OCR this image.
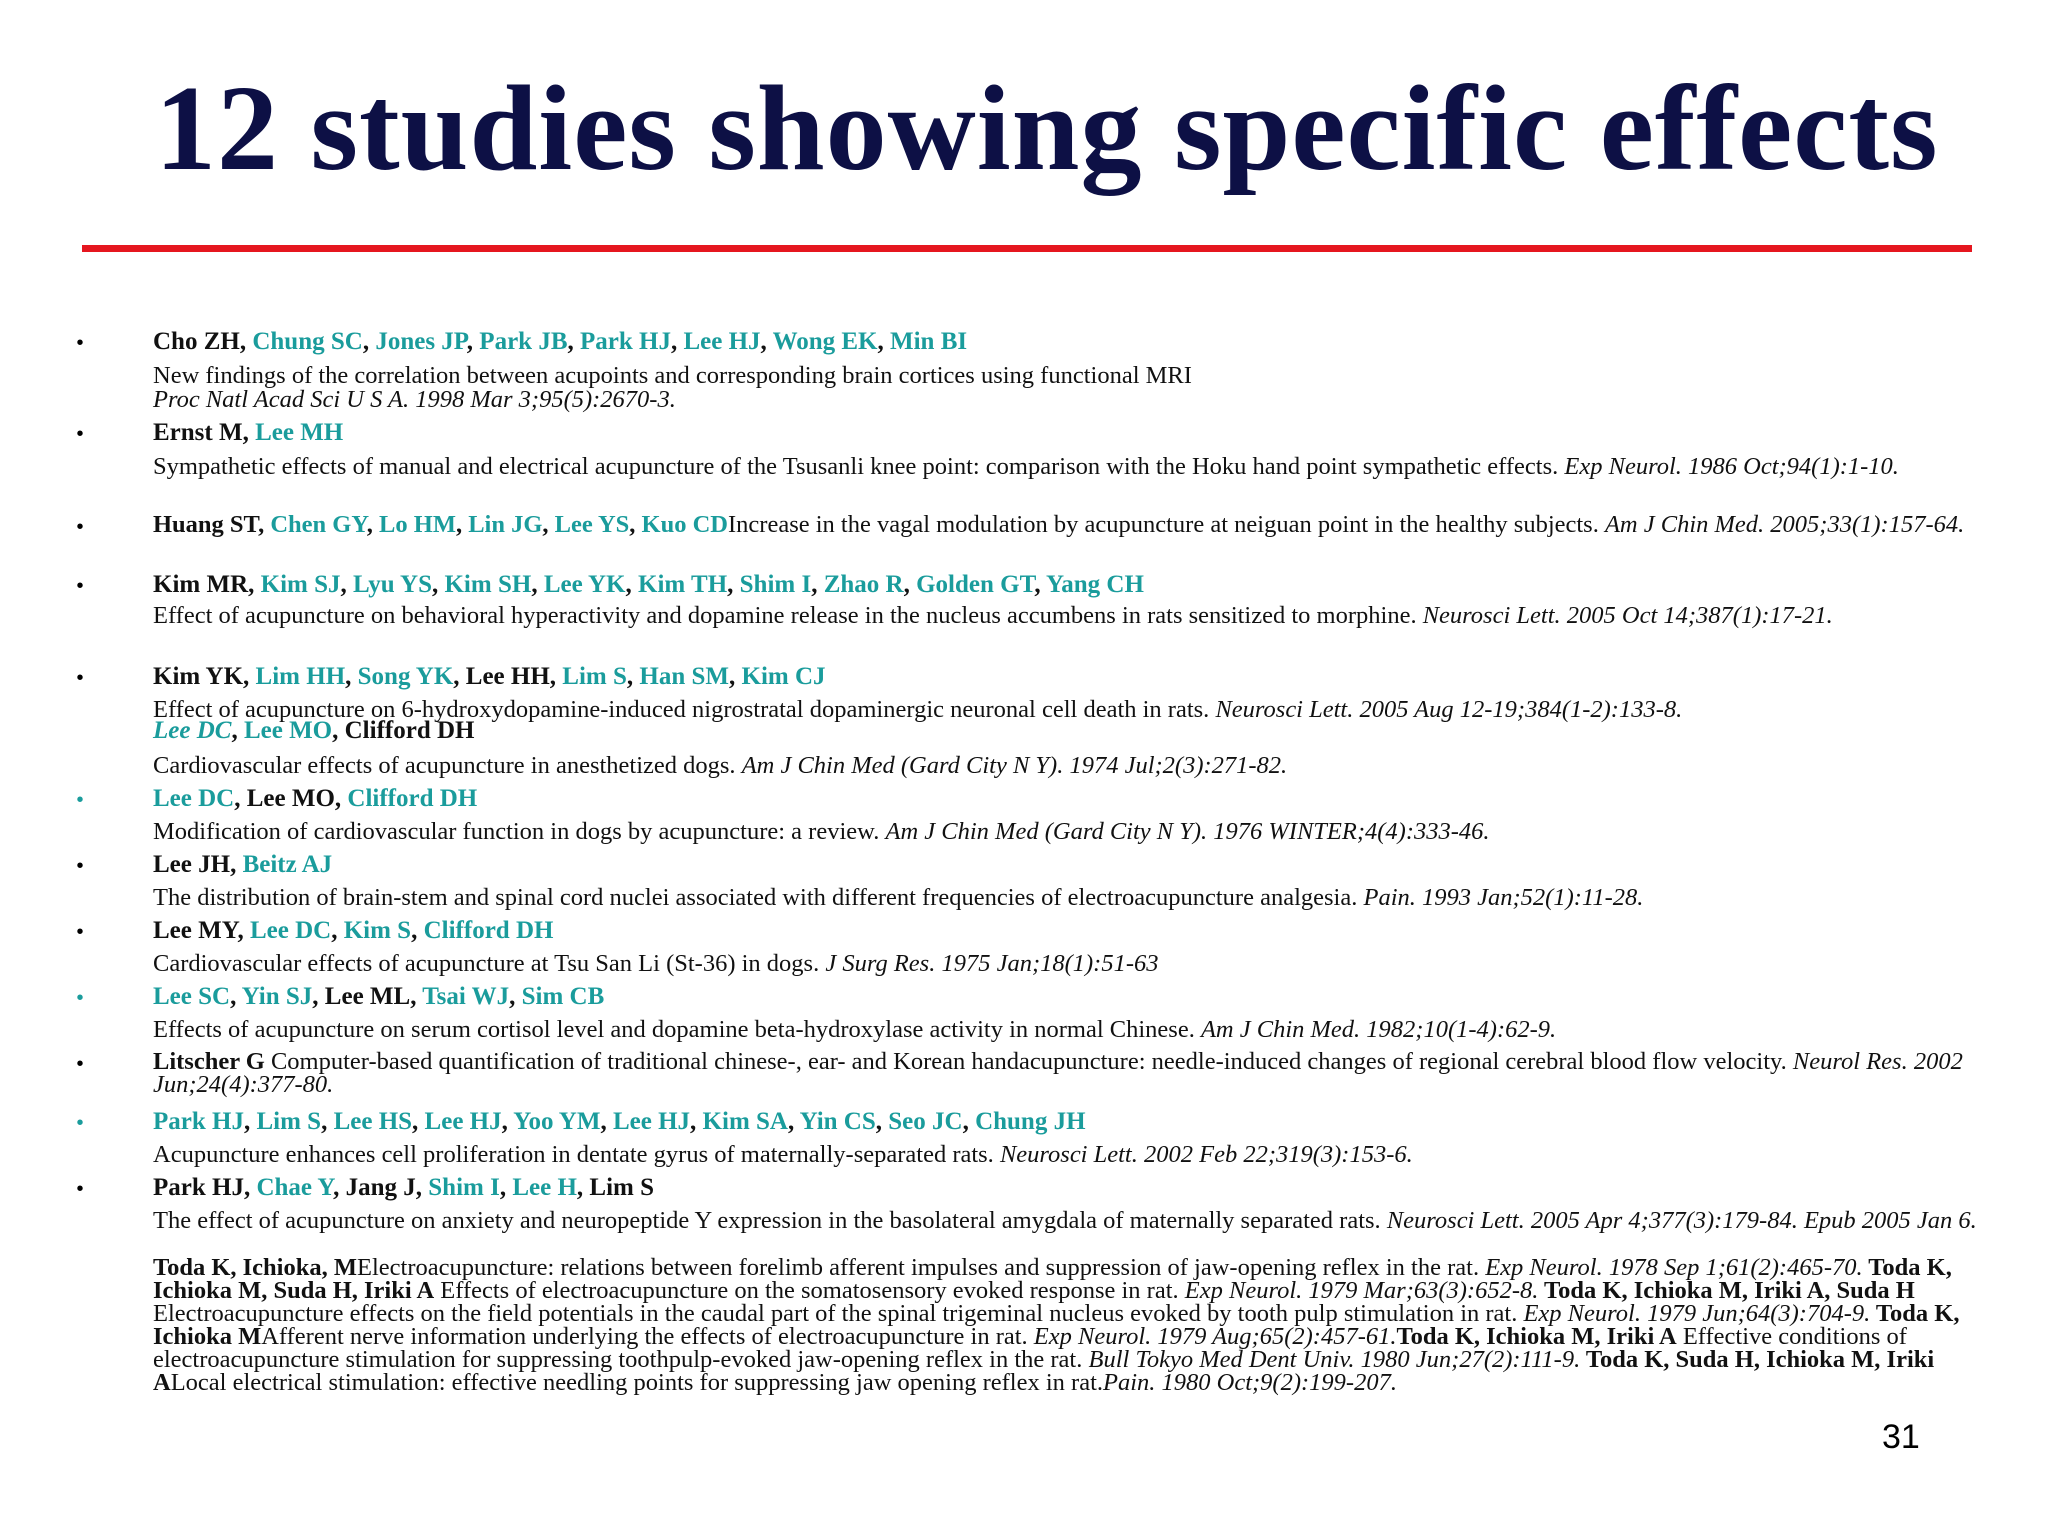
12 studies showing specific effects
•	Cho ZH, Chung SC, Jones JP, Park JB, Park HJ, Lee HJ, Wong EK, Min BI
New findings of the correlation between acupoints and corresponding brain cortices using functional MRI
Proc Natl Acad Sci U S A. 1998 Mar 3;95(5):2670-3.
•	Ernst M, Lee MH
Sympathetic effects of manual and electrical acupuncture of the Tsusanli knee point: comparison with the Hoku hand point sympathetic effects. Exp Neurol. 1986 Oct;94(1):1-10.
•	Huang ST, Chen GY, Lo HM, Lin JG, Lee YS, Kuo CDIncrease in the vagal modulation by acupuncture at neiguan point in the healthy subjects. Am J Chin Med. 2005;33(1):157-64.
•	Kim MR, Kim SJ, Lyu YS, Kim SH, Lee YK, Kim TH, Shim I, Zhao R, Golden GT, Yang CH
Effect of acupuncture on behavioral hyperactivity and dopamine release in the nucleus accumbens in rats sensitized to morphine. Neurosci Lett. 2005 Oct 14;387(1):17-21.
•	Kim YK, Lim HH, Song YK, Lee HH, Lim S, Han SM, Kim CJ
Effect of acupuncture on 6-hydroxydopamine-induced nigrostratal dopaminergic neuronal cell death in rats. Neurosci Lett. 2005 Aug 12-19;384(1-2):133-8.
Lee DC, Lee MO, Clifford DH
Cardiovascular effects of acupuncture in anesthetized dogs. Am J Chin Med (Gard City N Y). 1974 Jul;2(3):271-82.
•	Lee DC, Lee MO, Clifford DH
Modification of cardiovascular function in dogs by acupuncture: a review. Am J Chin Med (Gard City N Y). 1976 WINTER;4(4):333-46.
•	Lee JH, Beitz AJ
The distribution of brain-stem and spinal cord nuclei associated with different frequencies of electroacupuncture analgesia. Pain. 1993 Jan;52(1):11-28.
•	Lee MY, Lee DC, Kim S, Clifford DH
Cardiovascular effects of acupuncture at Tsu San Li (St-36) in dogs. J Surg Res. 1975 Jan;18(1):51-63
•	Lee SC, Yin SJ, Lee ML, Tsai WJ, Sim CB
Effects of acupuncture on serum cortisol level and dopamine beta-hydroxylase activity in normal Chinese. Am J Chin Med. 1982;10(1-4):62-9.
•	Litscher G Computer-based quantification of traditional chinese-, ear- and Korean handacupuncture: needle-induced changes of regional cerebral blood flow velocity. Neurol Res. 2002 Jun;24(4):377-80.
•	Park HJ, Lim S, Lee HS, Lee HJ, Yoo YM, Lee HJ, Kim SA, Yin CS, Seo JC, Chung JH
Acupuncture enhances cell proliferation in dentate gyrus of maternally-separated rats. Neurosci Lett. 2002 Feb 22;319(3):153-6.
•	Park HJ, Chae Y, Jang J, Shim I, Lee H, Lim S
The effect of acupuncture on anxiety and neuropeptide Y expression in the basolateral amygdala of maternally separated rats. Neurosci Lett. 2005 Apr 4;377(3):179-84. Epub 2005 Jan 6.
Toda K, Ichioka, MElectroacupuncture: relations between forelimb afferent impulses and suppression of jaw-opening reflex in the rat. Exp Neurol. 1978 Sep 1;61(2):465-70. Toda K, Ichioka M, Suda H, Iriki A Effects of electroacupuncture on the somatosensory evoked response in rat. Exp Neurol. 1979 Mar;63(3):652-8. Toda K, Ichioka M, Iriki A, Suda H Electroacupuncture effects on the field potentials in the caudal part of the spinal trigeminal nucleus evoked by tooth pulp stimulation in rat. Exp Neurol. 1979 Jun;64(3):704-9. Toda K, Ichioka MAfferent nerve information underlying the effects of electroacupuncture in rat. Exp Neurol. 1979 Aug;65(2):457-61.Toda K, Ichioka M, Iriki A Effective conditions of electroacupuncture stimulation for suppressing toothpulp-evoked jaw-opening reflex in the rat. Bull Tokyo Med Dent Univ. 1980 Jun;27(2):111-9. Toda K, Suda H, Ichioka M, Iriki ALocal electrical stimulation: effective needling points for suppressing jaw opening reflex in rat.Pain. 1980 Oct;9(2):199-207.
31
